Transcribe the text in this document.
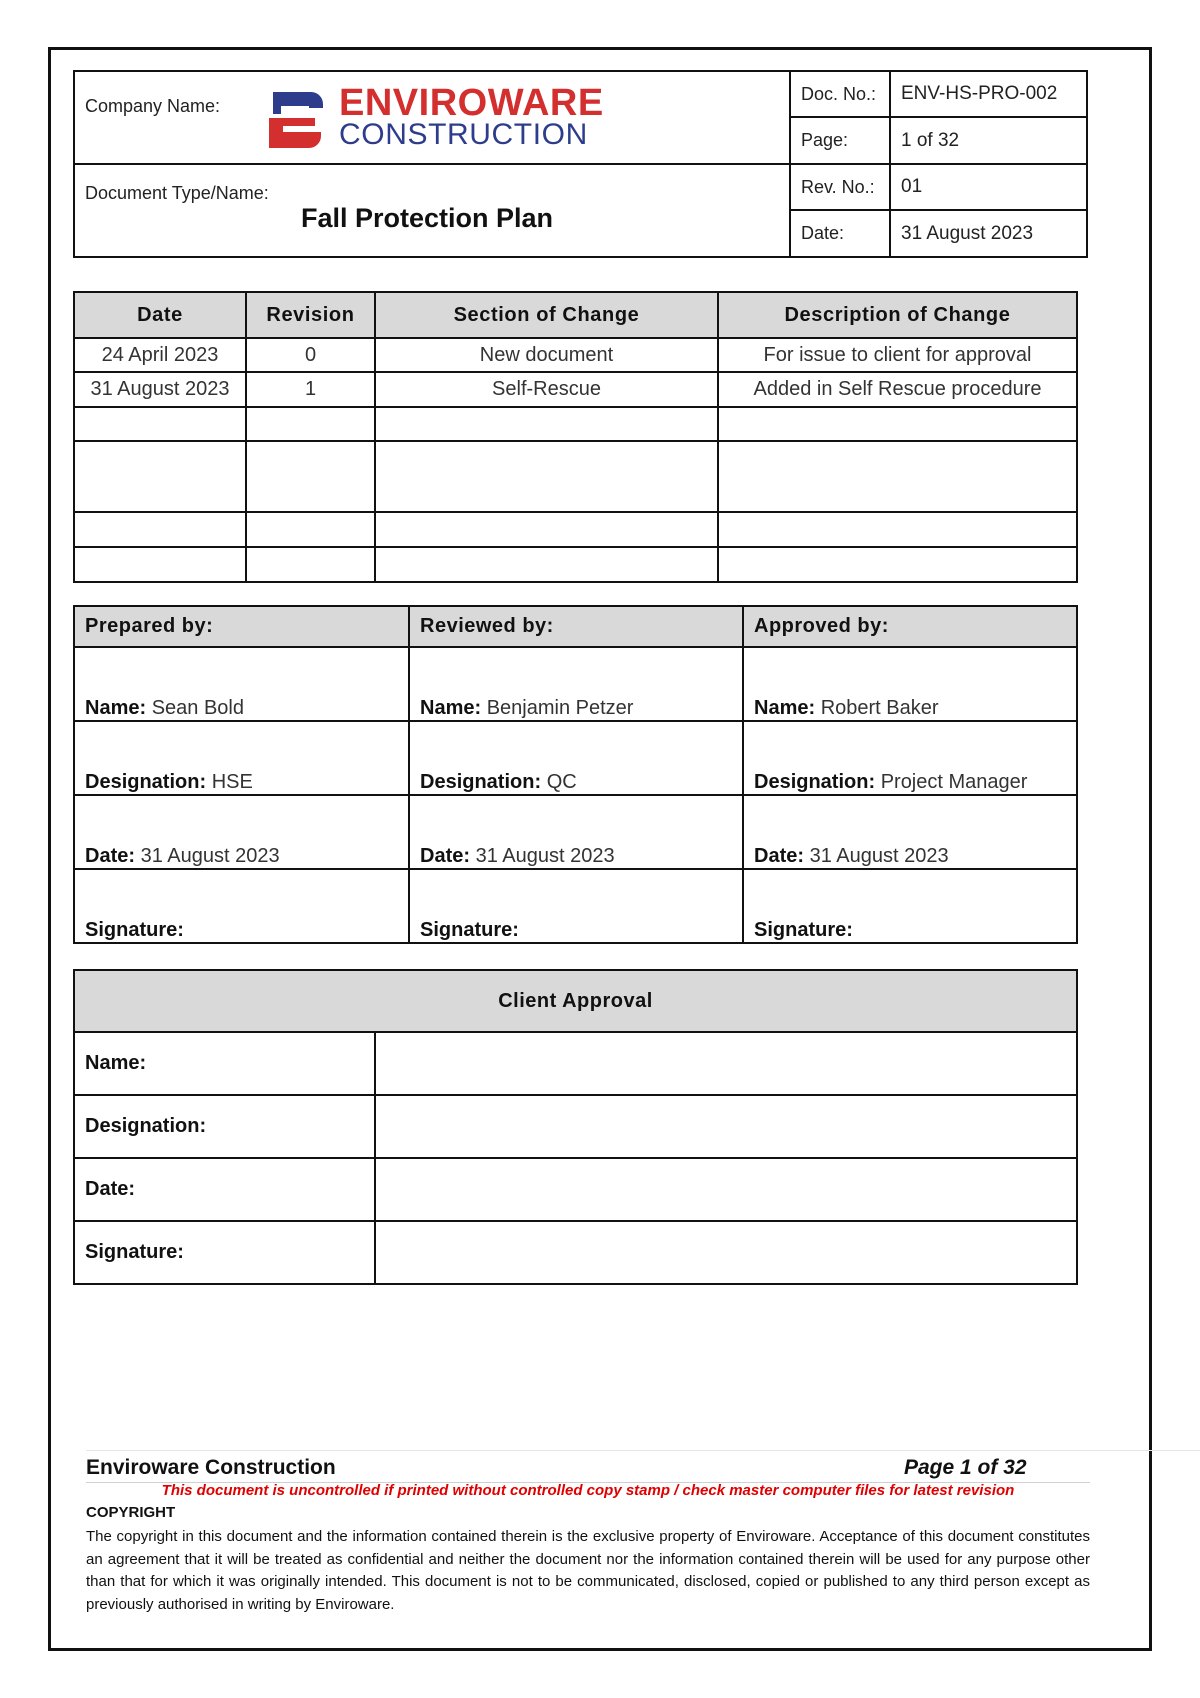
Company Name: ENVIROWARE
CONSTRUCTION	Doc. No.:	ENV-HS-PRO-002
	Page:	1 of 32

Document Type/Name:
Fall Protection Plan	Rev. No.:	01
	Date:	31 August 2023
Date	Revision	Section of Change	Description of Change
24 April 2023	0	New document	For issue to client for approval
31 August 2023	1	Self-Rescue	Added in Self Rescue procedure

Prepared by:	Reviewed by:	Approved by:
Name: Sean Bold	Name: Benjamin Petzer	Name: Robert Baker
Designation: HSE	Designation: QC	Designation: Project Manager
Date: 31 August 2023	Date: 31 August 2023	Date: 31 August 2023
Signature:	Signature:	Signature:
Client Approval	
Name:	
Designation:	
Date:	
Signature:	
Enviroware Construction	Page 1 of 32
This document is uncontrolled if printed without controlled copy stamp / check master computer files for latest revision
COPYRIGHT
The copyright in this document and the information contained therein is the exclusive property of Enviroware. Acceptance of this document constitutes an agreement that it will be treated as confidential and neither the document nor the information contained therein will be used for any purpose other than that for which it was originally intended. This document is not to be communicated, disclosed, copied or published to any third person except as previously authorised in writing by Enviroware.
